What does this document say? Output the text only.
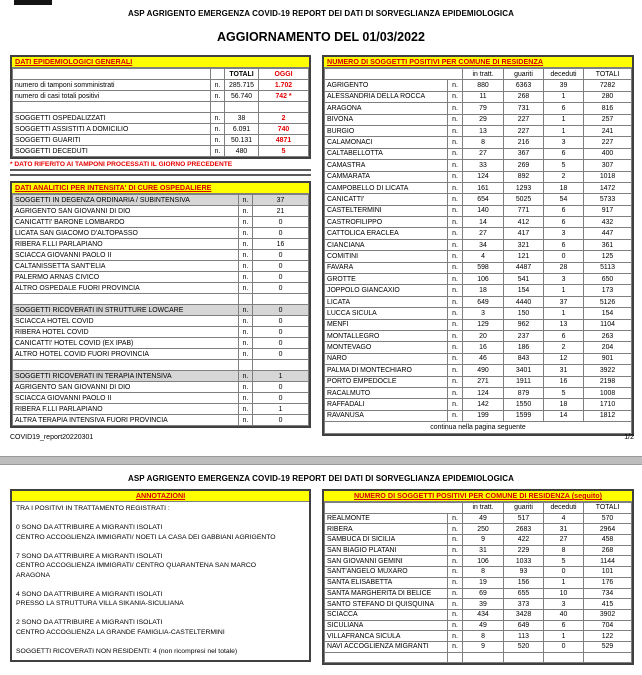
ASP AGRIGENTO EMERGENZA COVID-19 REPORT DEI DATI DI SORVEGLIANZA EPIDEMIOLOGICA
AGGIORNAMENTO DEL 01/03/2022
DATI EPIDEMIOLOGICI GENERALI
		TOTALI	OGGI
numero di tamponi somministrati	n.	285.715	1.702
numero di casi totali positivi	n.	56.740	742 *

SOGGETTI OSPEDALIZZATI	n.	38	2
SOGGETTI ASSISTITI A DOMICILIO	n.	6.091	740
SOGGETTI GUARITI	n.	50.131	4871
SOGGETTI DECEDUTI	n.	480	5
* DATO RIFERITO AI TAMPONI PROCESSATI IL GIORNO PRECEDENTE
DATI ANALITICI PER INTENSITA' DI CURE OSPEDALIERE
SOGGETTI IN DEGENZA ORDINARIA / SUBINTENSIVA	n.	37
AGRIGENTO SAN GIOVANNI DI DIO	n.	21
CANICATTI' BARONE LOMBARDO	n.	0
LICATA SAN GIACOMO D'ALTOPASSO	n.	0
RIBERA F.LLI PARLAPIANO	n.	16
SCIACCA GIOVANNI PAOLO II	n.	0
CALTANISSETTA SANT'ELIA	n.	0
PALERMO ARNAS CIVICO	n.	0
ALTRO OSPEDALE FUORI PROVINCIA	n.	0

SOGGETTI RICOVERATI IN STRUTTURE LOWCARE	n.	0
SCIACCA HOTEL COVID	n.	0
RIBERA HOTEL COVID	n.	0
CANICATTI' HOTEL COVID (EX IPAB)	n.	0
ALTRO HOTEL COVID FUORI PROVINCIA	n.	0

SOGGETTI RICOVERATI IN TERAPIA INTENSIVA	n.	1
AGRIGENTO SAN GIOVANNI DI DIO	n.	0
SCIACCA GIOVANNI PAOLO II	n.	0
RIBERA F.LLI PARLAPIANO	n.	1
ALTRA TERAPIA INTENSIVA FUORI PROVINCIA	n.	0
NUMERO DI SOGGETTI POSITIVI PER COMUNE DI RESIDENZA
		in tratt.	guariti	deceduti	TOTALI
AGRIGENTO	n.	880	6363	39	7282
ALESSANDRIA DELLA ROCCA	n.	11	268	1	280
ARAGONA	n.	79	731	6	816
BIVONA	n.	29	227	1	257
BURGIO	n.	13	227	1	241
CALAMONACI	n.	8	216	3	227
CALTABELLOTTA	n.	27	367	6	400
CAMASTRA	n.	33	269	5	307
CAMMARATA	n.	124	892	2	1018
CAMPOBELLO DI LICATA	n.	161	1293	18	1472
CANICATTI'	n.	654	5025	54	5733
CASTELTERMINI	n.	140	771	6	917
CASTROFILIPPO	n.	14	412	6	432
CATTOLICA ERACLEA	n.	27	417	3	447
CIANCIANA	n.	34	321	6	361
COMITINI	n.	4	121	0	125
FAVARA	n.	598	4487	28	5113
GROTTE	n.	106	541	3	650
JOPPOLO GIANCAXIO	n.	18	154	1	173
LICATA	n.	649	4440	37	5126
LUCCA SICULA	n.	3	150	1	154
MENFI	n.	129	962	13	1104
MONTALLEGRO	n.	20	237	6	263
MONTEVAGO	n.	16	186	2	204
NARO	n.	46	843	12	901
PALMA DI MONTECHIARO	n.	490	3401	31	3922
PORTO EMPEDOCLE	n.	271	1911	16	2198
RACALMUTO	n.	124	879	5	1008
RAFFADALI	n.	142	1550	18	1710
RAVANUSA	n.	199	1599	14	1812
continua nella pagina seguente					
COVID19_report20220301	1/2
ASP AGRIGENTO EMERGENZA COVID-19 REPORT DEI DATI DI SORVEGLIANZA EPIDEMIOLOGICA
ANNOTAZIONI
TRA I POSITIVI IN TRATTAMENTO REGISTRATI :

0 SONO DA ATTRIBUIRE A MIGRANTI ISOLATI
CENTRO ACCOGLIENZA IMMIGRATI/ NOETI LA CASA DEI GABBIANI AGRIGENTO

7 SONO DA ATTRIBUIRE A MIGRANTI ISOLATI
CENTRO ACCOGLIENZA IMMIGRATI/ CENTRO QUARANTENA SAN MARCO
ARAGONA

4 SONO DA ATTRIBUIRE A MIGRANTI ISOLATI
PRESSO LA STRUTTURA VILLA SIKANIA-SICULIANA

2 SONO DA ATTRIBUIRE A MIGRANTI ISOLATI
CENTRO ACCOGLIENZA LA GRANDE FAMIGLIA-CASTELTERMINI

SOGGETTI RICOVERATI NON RESIDENTI: 4 (non ricompresi nel totale)
NUMERO DI SOGGETTI POSITIVI PER COMUNE DI RESIDENZA (seguito)
		in tratt.	guariti	deceduti	TOTALI
REALMONTE	n.	49	517	4	570
RIBERA	n.	250	2683	31	2964
SAMBUCA DI SICILIA	n.	9	422	27	458
SAN BIAGIO PLATANI	n.	31	229	8	268
SAN GIOVANNI GEMINI	n.	106	1033	5	1144
SANT'ANGELO MUXARO	n.	8	93	0	101
SANTA ELISABETTA	n.	19	156	1	176
SANTA MARGHERITA DI BELICE	n.	69	655	10	734
SANTO STEFANO DI QUISQUINA	n.	39	373	3	415
SCIACCA	n.	434	3428	40	3902
SICULIANA	n.	49	649	6	704
VILLAFRANCA SICULA	n.	8	113	1	122
NAVI ACCOGLIENZA MIGRANTI	n.	9	520	0	529
